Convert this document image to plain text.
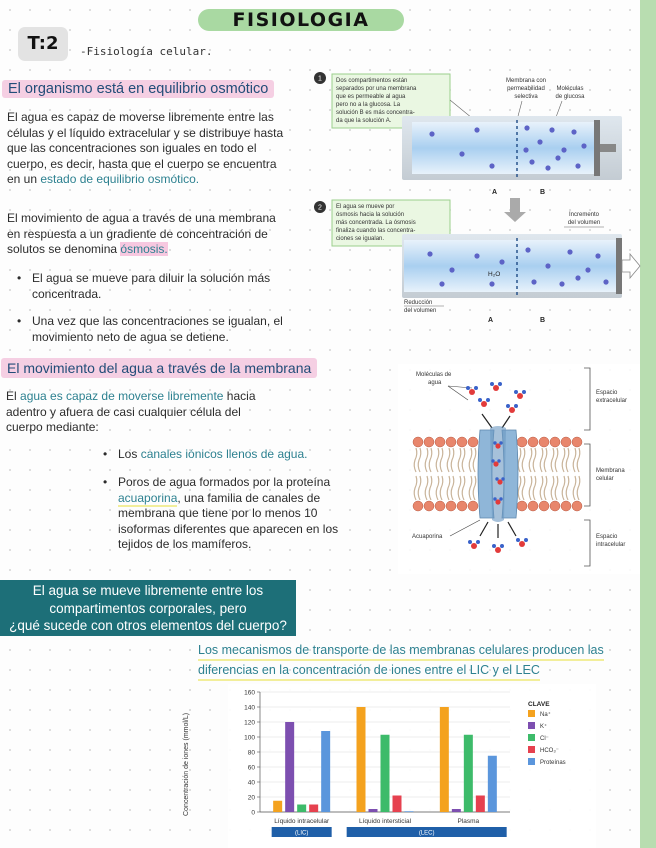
FISIOLOGIA
T:2	-Fisiología celular.
El organismo está en equilibrio osmótico
El agua es capaz de moverse libremente entre las
células y el líquido extracelular y se distribuye hasta
que las concentraciones son iguales en todo el
cuerpo, es decir, hasta que el cuerpo se encuentra
en un estado de equilibrio osmótico.
El movimiento de agua a través de una membrana
en respuesta a un gradiente de concentración de
solutos se denomina ósmosis.
• El agua se mueve para diluir la solución más
concentrada.
• Una vez que las concentraciones se igualan, el
movimiento neto de agua se detiene.
1 Dos compartimentos están
separados por una membrana
que es permeable al agua
pero no a la glucosa. La
solución B es más concentra-
da que la solución A.
Membrana con
permeabilidad
selectiva
Moléculas
de glucosa
A	B
2 El agua se mueve por
ósmosis hacia la solución
más concentrada. La ósmosis
finaliza cuando las concentra-
ciones se igualan.
Incremento
del volumen
H₂O
Reducción
del volumen
A	B
El movimiento del agua a través de la membrana
El agua es capaz de moverse libremente hacia
adentro y afuera de casi cualquier célula del
cuerpo mediante:
• Los canales iónicos llenos de agua.
• Poros de agua formados por la proteína
acuaporina, una familia de canales de
membrana que tiene por lo menos 10
isoformas diferentes que aparecen en los
tejidos de los mamíferos.
Moléculas de
agua
Espacio
extracelular
Membrana
celular
Espacio
intracelular
Acuaporina
El agua se mueve libremente entre los
compartimentos corporales, pero
¿qué sucede con otros elementos del cuerpo?
Los mecanismos de transporte de las membranas celulares producen las
diferencias en la concentración de iones entre el LIC y el LEC
0
20
40
60
80
100
120
140
160
Concentración de iones (mmol/L)
Líquido intracelular	Líquido intersticial	Plasma
(LIC)	(LEC)
CLAVE
Na⁺
K⁺
Cl⁻
HCO₃⁻
Proteínas
